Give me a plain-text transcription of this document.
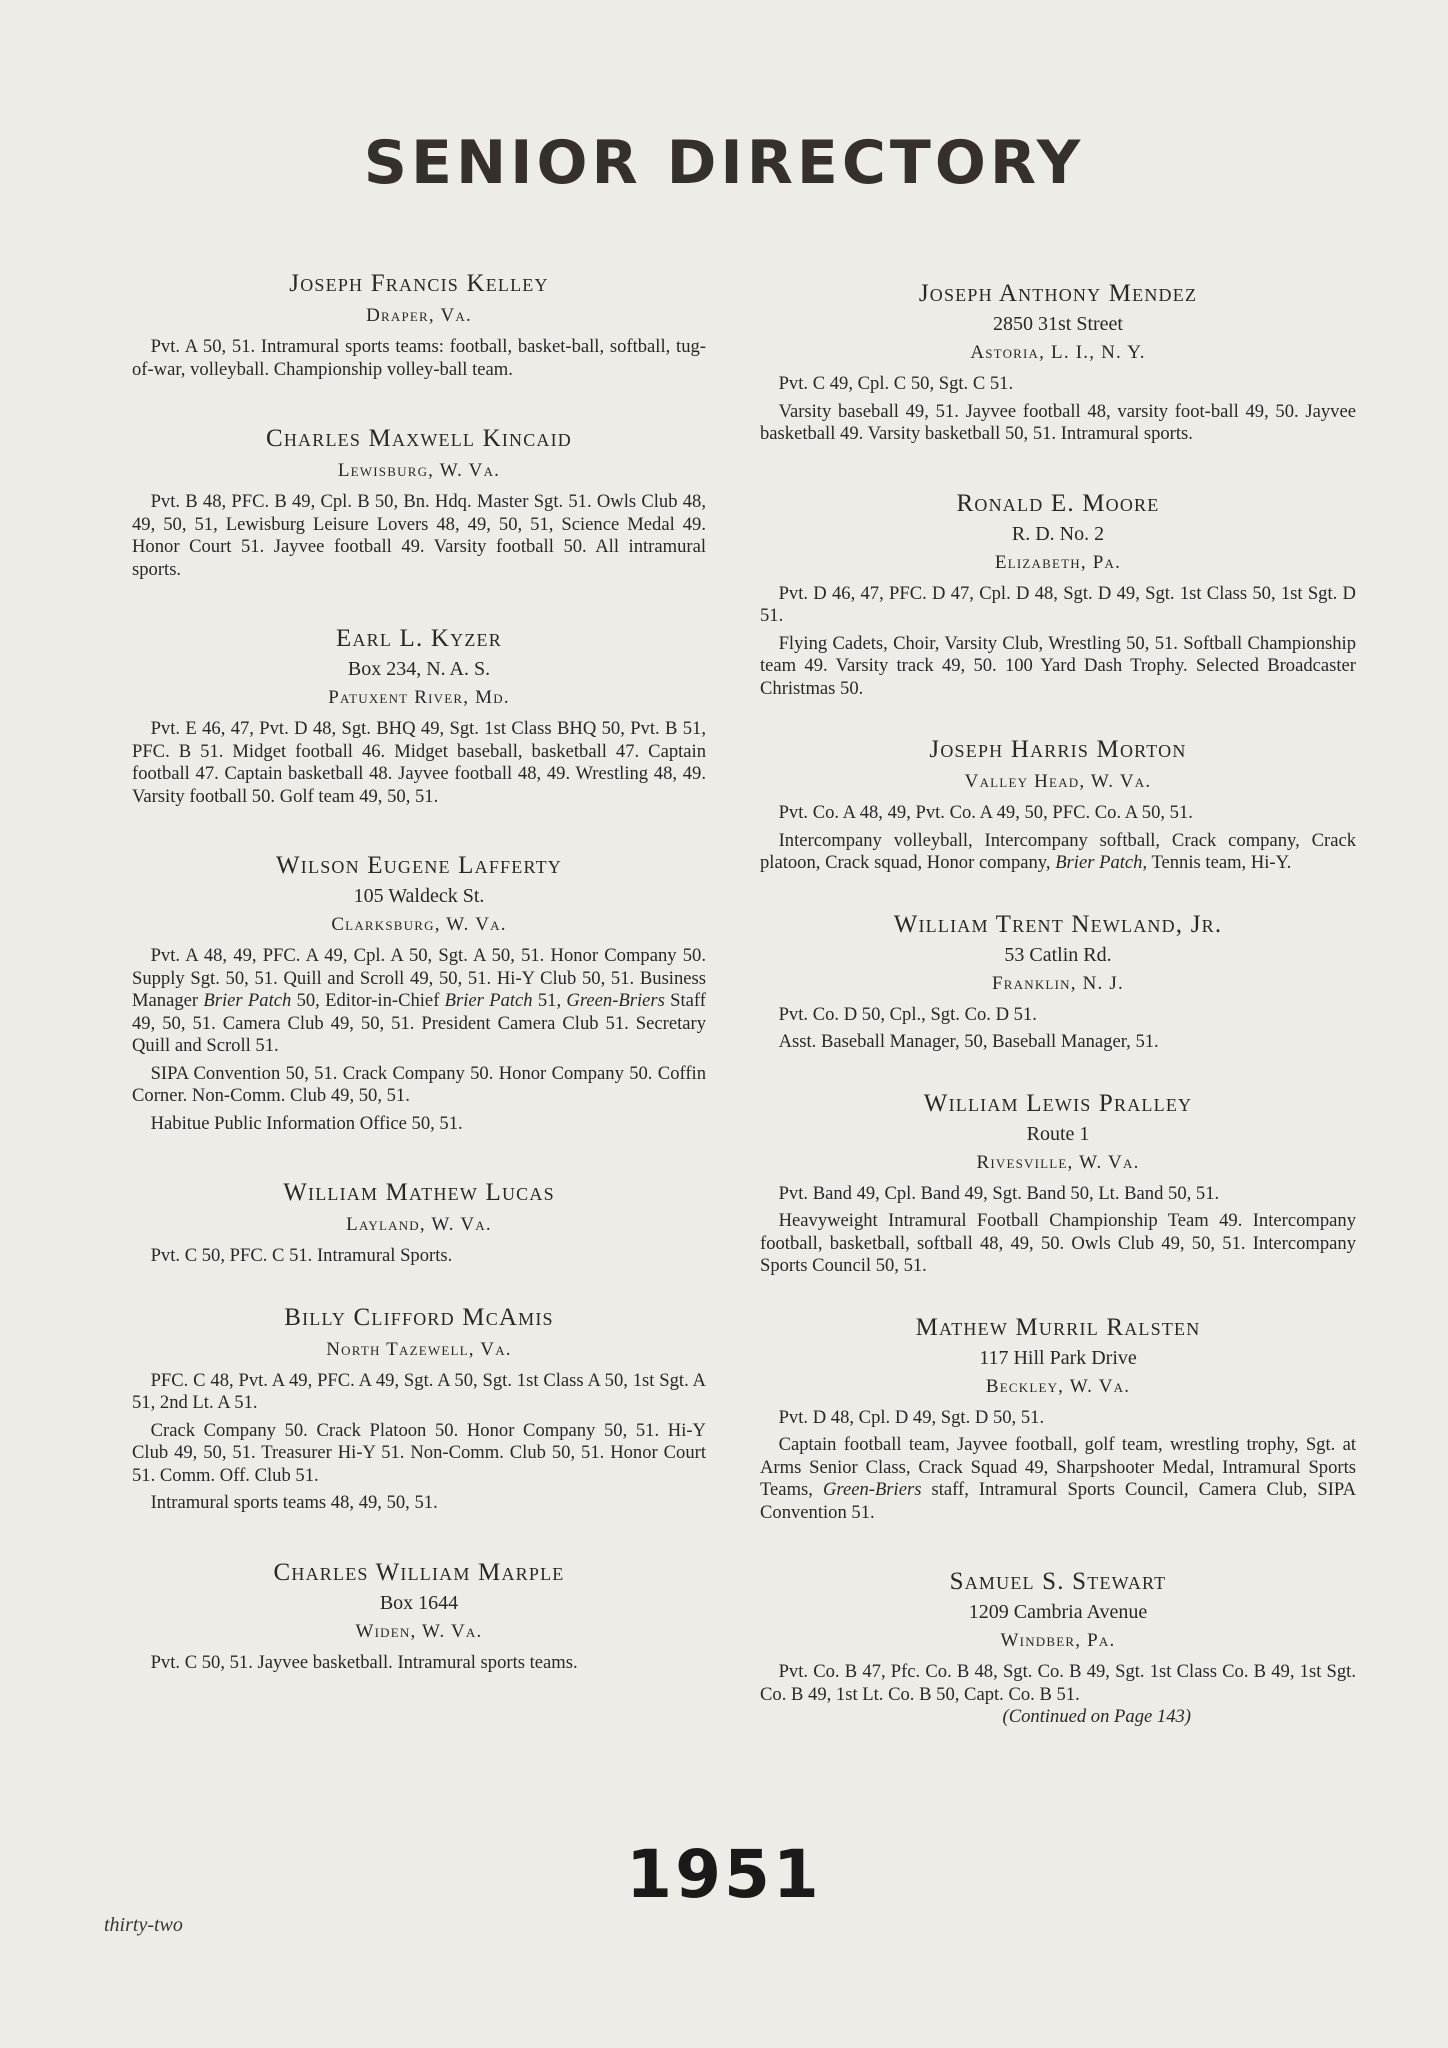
SENIOR DIRECTORY
Joseph Francis Kelley
Draper, Va.
Pvt. A 50, 51. Intramural sports teams: football, basket-ball, softball, tug-of-war, volleyball. Championship volley-ball team.
Charles Maxwell Kincaid
Lewisburg, W. Va.
Pvt. B 48, PFC. B 49, Cpl. B 50, Bn. Hdq. Master Sgt. 51. Owls Club 48, 49, 50, 51, Lewisburg Leisure Lovers 48, 49, 50, 51, Science Medal 49. Honor Court 51. Jayvee football 49. Varsity football 50. All intramural sports.
Earl L. Kyzer
Box 234, N. A. S.
Patuxent River, Md.
Pvt. E 46, 47, Pvt. D 48, Sgt. BHQ 49, Sgt. 1st Class BHQ 50, Pvt. B 51, PFC. B 51. Midget football 46. Midget baseball, basketball 47. Captain football 47. Captain basketball 48. Jayvee football 48, 49. Wrestling 48, 49. Varsity football 50. Golf team 49, 50, 51.
Wilson Eugene Lafferty
105 Waldeck St.
Clarksburg, W. Va.
Pvt. A 48, 49, PFC. A 49, Cpl. A 50, Sgt. A 50, 51. Honor Company 50. Supply Sgt. 50, 51. Quill and Scroll 49, 50, 51. Hi-Y Club 50, 51. Business Manager Brier Patch 50, Editor-in-Chief Brier Patch 51, Green-Briers Staff 49, 50, 51. Camera Club 49, 50, 51. President Camera Club 51. Secretary Quill and Scroll 51.
SIPA Convention 50, 51. Crack Company 50. Honor Company 50. Coffin Corner. Non-Comm. Club 49, 50, 51.
Habitue Public Information Office 50, 51.
William Mathew Lucas
Layland, W. Va.
Pvt. C 50, PFC. C 51. Intramural Sports.
Billy Clifford McAmis
North Tazewell, Va.
PFC. C 48, Pvt. A 49, PFC. A 49, Sgt. A 50, Sgt. 1st Class A 50, 1st Sgt. A 51, 2nd Lt. A 51.
Crack Company 50. Crack Platoon 50. Honor Company 50, 51. Hi-Y Club 49, 50, 51. Treasurer Hi-Y 51. Non-Comm. Club 50, 51. Honor Court 51. Comm. Off. Club 51.
Intramural sports teams 48, 49, 50, 51.
Charles William Marple
Box 1644
Widen, W. Va.
Pvt. C 50, 51. Jayvee basketball. Intramural sports teams.
Joseph Anthony Mendez
2850 31st Street
Astoria, L. I., N. Y.
Pvt. C 49, Cpl. C 50, Sgt. C 51.
Varsity baseball 49, 51. Jayvee football 48, varsity foot-ball 49, 50. Jayvee basketball 49. Varsity basketball 50, 51. Intramural sports.
Ronald E. Moore
R. D. No. 2
Elizabeth, Pa.
Pvt. D 46, 47, PFC. D 47, Cpl. D 48, Sgt. D 49, Sgt. 1st Class 50, 1st Sgt. D 51.
Flying Cadets, Choir, Varsity Club, Wrestling 50, 51. Softball Championship team 49. Varsity track 49, 50. 100 Yard Dash Trophy. Selected Broadcaster Christmas 50.
Joseph Harris Morton
Valley Head, W. Va.
Pvt. Co. A 48, 49, Pvt. Co. A 49, 50, PFC. Co. A 50, 51.
Intercompany volleyball, Intercompany softball, Crack company, Crack platoon, Crack squad, Honor company, Brier Patch, Tennis team, Hi-Y.
William Trent Newland, Jr.
53 Catlin Rd.
Franklin, N. J.
Pvt. Co. D 50, Cpl., Sgt. Co. D 51.
Asst. Baseball Manager, 50, Baseball Manager, 51.
William Lewis Pralley
Route 1
Rivesville, W. Va.
Pvt. Band 49, Cpl. Band 49, Sgt. Band 50, Lt. Band 50, 51.
Heavyweight Intramural Football Championship Team 49. Intercompany football, basketball, softball 48, 49, 50. Owls Club 49, 50, 51. Intercompany Sports Council 50, 51.
Mathew Murril Ralsten
117 Hill Park Drive
Beckley, W. Va.
Pvt. D 48, Cpl. D 49, Sgt. D 50, 51.
Captain football team, Jayvee football, golf team, wrestling trophy, Sgt. at Arms Senior Class, Crack Squad 49, Sharpshooter Medal, Intramural Sports Teams, Green-Briers staff, Intramural Sports Council, Camera Club, SIPA Convention 51.
Samuel S. Stewart
1209 Cambria Avenue
Windber, Pa.
Pvt. Co. B 47, Pfc. Co. B 48, Sgt. Co. B 49, Sgt. 1st Class Co. B 49, 1st Sgt. Co. B 49, 1st Lt. Co. B 50, Capt. Co. B 51.
(Continued on Page 143)
1951
thirty-two
